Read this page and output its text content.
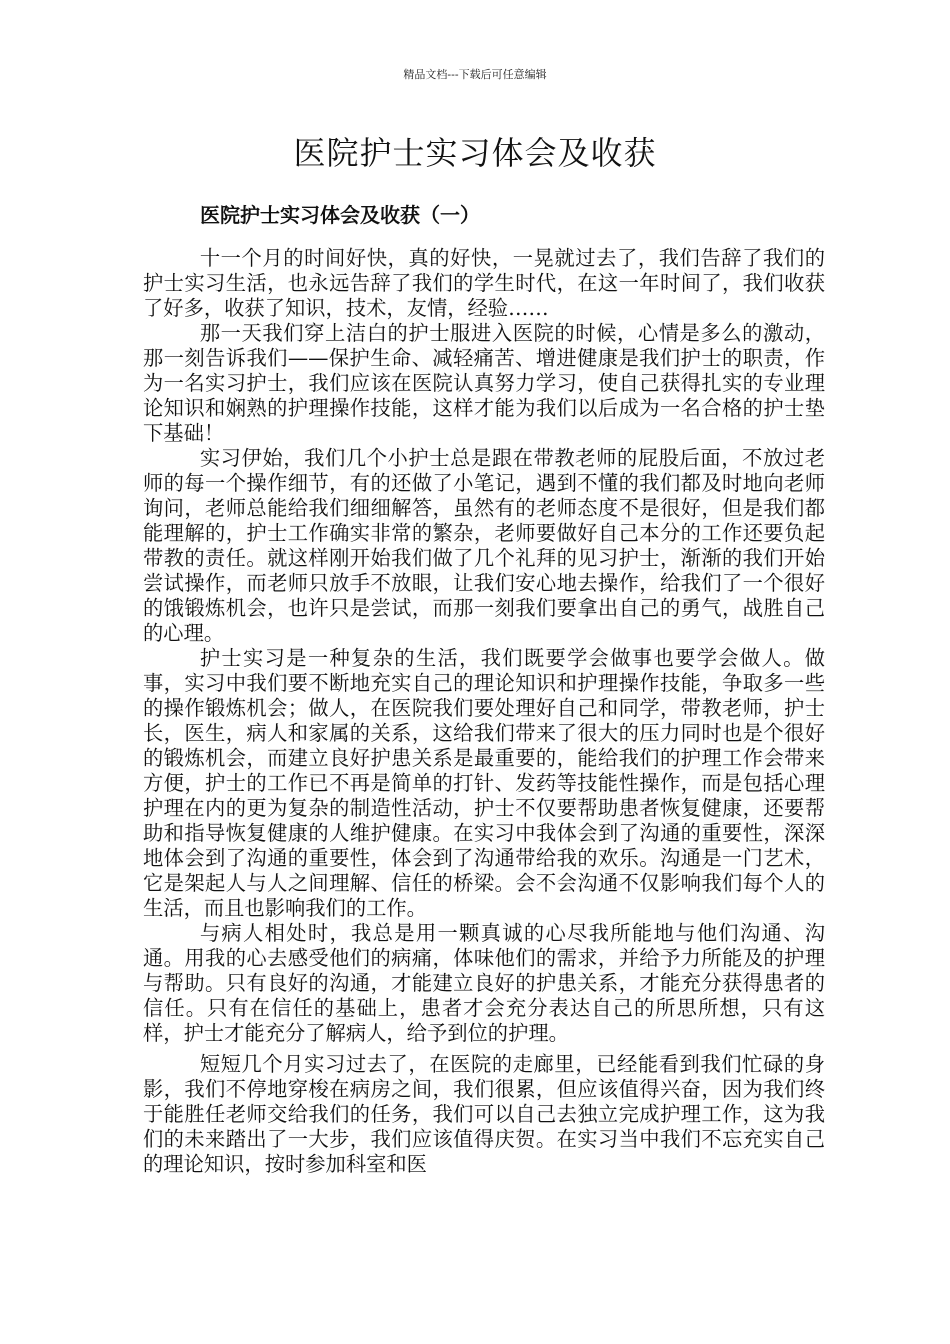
精品文档---下载后可任意编辑
医院护士实习体会及收获
医院护士实习体会及收获（一）

十一个月的时间好快，真的好快，一晃就过去了，我们告辞了我们的护士实习生活，也永远告辞了我们的学生时代，在这一年时间了，我们收获了好多，收获了知识，技术，友情，经验……

那一天我们穿上洁白的护士服进入医院的时候，心情是多么的激动，那一刻告诉我们——保护生命、减轻痛苦、增进健康是我们护士的职责，作为一名实习护士，我们应该在医院认真努力学习，使自己获得扎实的专业理论知识和娴熟的护理操作技能，这样才能为我们以后成为一名合格的护士垫下基础！

实习伊始，我们几个小护士总是跟在带教老师的屁股后面，不放过老师的每一个操作细节，有的还做了小笔记，遇到不懂的我们都及时地向老师询问，老师总能给我们细细解答，虽然有的老师态度不是很好，但是我们都能理解的，护士工作确实非常的繁杂，老师要做好自己本分的工作还要负起带教的责任。就这样刚开始我们做了几个礼拜的见习护士，渐渐的我们开始尝试操作，而老师只放手不放眼，让我们安心地去操作，给我们了一个很好的饿锻炼机会，也许只是尝试，而那一刻我们要拿出自己的勇气，战胜自己的心理。

护士实习是一种复杂的生活，我们既要学会做事也要学会做人。做事，实习中我们要不断地充实自己的理论知识和护理操作技能，争取多一些的操作锻炼机会；做人，在医院我们要处理好自己和同学，带教老师，护士长，医生，病人和家属的关系，这给我们带来了很大的压力同时也是个很好的锻炼机会，而建立良好护患关系是最重要的，能给我们的护理工作会带来方便，护士的工作已不再是简单的打针、发药等技能性操作，而是包括心理护理在内的更为复杂的制造性活动，护士不仅要帮助患者恢复健康，还要帮助和指导恢复健康的人维护健康。在实习中我体会到了沟通的重要性，深深地体会到了沟通的重要性，体会到了沟通带给我的欢乐。沟通是一门艺术，它是架起人与人之间理解、信任的桥梁。会不会沟通不仅影响我们每个人的生活，而且也影响我们的工作。

与病人相处时，我总是用一颗真诚的心尽我所能地与他们沟通、沟通。用我的心去感受他们的病痛，体味他们的需求，并给予力所能及的护理与帮助。只有良好的沟通，才能建立良好的护患关系，才能充分获得患者的信任。只有在信任的基础上，患者才会充分表达自己的所思所想，只有这样，护士才能充分了解病人，给予到位的护理。

短短几个月实习过去了，在医院的走廊里，已经能看到我们忙碌的身影，我们不停地穿梭在病房之间，我们很累，但应该值得兴奋，因为我们终于能胜任老师交给我们的任务，我们可以自己去独立完成护理工作，这为我们的未来踏出了一大步，我们应该值得庆贺。在实习当中我们不忘充实自己的理论知识，按时参加科室和医
